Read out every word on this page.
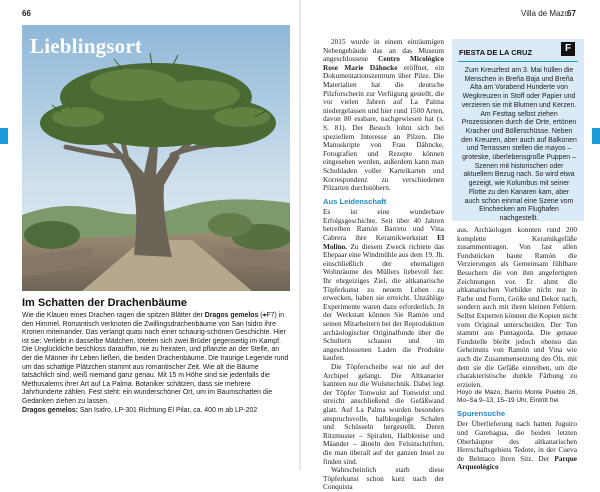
66
Lieblingsort
Im Schatten der Drachenbäume
Wie die Klauen eines Drachen ragen die spitzen Blätter der Dragos gemelos (⌖F7) in den Himmel. Romantisch verknoten die Zwillingsdrachenbäume von San Isidro ihre Kronen miteinander. Das verlangt quasi nach einer schaurig-schönen Geschichte. Hier ist sie: Verliebt in dasselbe Mädchen, töteten sich zwei Brüder gegenseitig im Kampf. Die Unglückliche beschloss daraufhin, nie zu heiraten, und pflanzte an der Stelle, an der die Männer ihr Leben ließen, die beiden Drachenbäume. Die traurige Legende rund um das schattige Plätzchen stammt aus romantischer Zeit. Wie alt die Bäume tatsächlich sind, weiß niemand ganz genau. Mit 15 m Höhe sind sie jedenfalls die Methusalems ihrer Art auf La Palma. Botaniker schätzen, dass sie mehrere Jahrhunderte zählen. Fest steht: ein wunderschöner Ort, um im Baumschatten die Gedanken ziehen zu lassen.
Dragos gemelos: San Isidro, LP-301 Richtung El Pilar, ca. 400 m ab LP-202
Villa de Mazo
67

2015 wurde in einem einräumigen Nebengebäude das an das Museum angeschlossene Centro Micológico Rose Marie Dähncke eröffnet, ein Dokumentationszentrum über Pilze. Die Materialien hat die deutsche Pilzforscherin zur Verfügung gestellt, die vor vielen Jahren auf La Palma niedergelassen und hier rund 1500 Arten, davon 80 essbare, nachgewiesen hat (s. S. 81). Der Besuch lohnt sich bei speziellem Interesse an Pilzen. Die Manuskripte von Frau Dähncke, Fotografien und Rezepte können eingesehen werden, außerdem kann man Schubladen voller Karteikarten und Korrespondenz zu verschiedenen Pilzarten durchstöbern.

Aus Leidenschaft

Es ist eine wunderbare Erfolgsgeschichte. Seit über 40 Jahren betreiben Ramón Barreto und Vina Cabrera ihre Keramikwerkstatt El Molino. Zu diesem Zweck richtete das Ehepaar eine Windmühle aus dem 19. Jh. einschließlich der ehemaligen Wohnräume des Müllers liebevoll her. Ihr ehrgeiziges Ziel, die altkanarische Töpferkunst zu neuem Leben zu erwecken, haben sie erreicht. Unzählige Experimente waren dazu erforderlich. In der Werkstatt können Sie Ramón und seinen Mitarbeitern bei der Reproduktion archäologischer Originalfunde über die Schultern schauen und im angeschlossenen Laden die Produkte kaufen.

Die Töpferscheibe war nie auf der Archipel gelangt. Die Altkanarier kannten nur die Wulsttechnik. Dabei legt der Töpfer Tonwulst auf Tonwulst und streicht anschließend die Gefäßwand glatt. Auf La Palma wurden besonders anspruchsvolle, halbkugelige Schalen und Schüsseln hergestellt. Deren Ritzmuster – Spiralen, Halbkreise und Mäander – ähneln den Felsinschriften, die man überall auf der ganzen Insel zu finden sind.

Wahrscheinlich starb diese Töpferkunst schon kurz nach der Conquista

FIESTA DE LA CRUZ	F
Zum Kreuzfest am 3. Mai hüllen die Menschen in Breña Baja und Breña Alta am Vorabend Hunderte von Wegkreuzen in Stoff oder Papier und verzieren sie mit Blumen und Kerzen. Am Festtag selbst ziehen Prozessionen durch die Orte, ertönen Kracher und Böllerschüsse. Neben den Kreuzen, aber auch auf Balkonen und Terrassen stellen die mayos – groteske, überlebensgroße Puppen – Szenen mit historischen oder aktuellem Bezug nach. So wird etwa gezeigt, wie Kolumbus mit seiner Flotte zu den Kanaren kam, aber auch schon einmal eine Szene vom Einchecken am Flughafen nachgestellt.

aus. Archäologen konnten rund 200 komplette Keramikgefäße zusammentragen. Von fast allen Fundstücken baute Ramón die Verzierungen als Gemeinsam fühlbare Besuchern die von ihm angefertigten Zeichnungen vor. Er ahmt die altkanarischen Vorbilder nicht nur in Farbe und Form, Größe und Dekor nach, sondern auch mit ihren kleinen Fehlern. Selbst Experten können die Kopien nicht vom Original unterscheiden. Der Ton stammt aus Puntagorda. Die genaue Fundstelle bleibt jedoch ebenso das Geheimnis von Ramón und Vina wie auch die Zusammensetzung des Öls, mit dem sie die Gefäße einreiben, um die charakteristische dunkle Färbung zu erzielen.

Hoyo de Mazo, Barrio Monte Pueblo 26, Mo–Sa 9–13, 15–19 Uhr, Eintritt frei

Spurensuche

Der Überlieferung nach hatten Juguiro und Garehagua, die beiden letzten Oberhäupter des altkanarischen Herrschaftsgebiets Tedote, in der Cueva de Belmaco ihren Sitz. Der Parque Arqueológico
